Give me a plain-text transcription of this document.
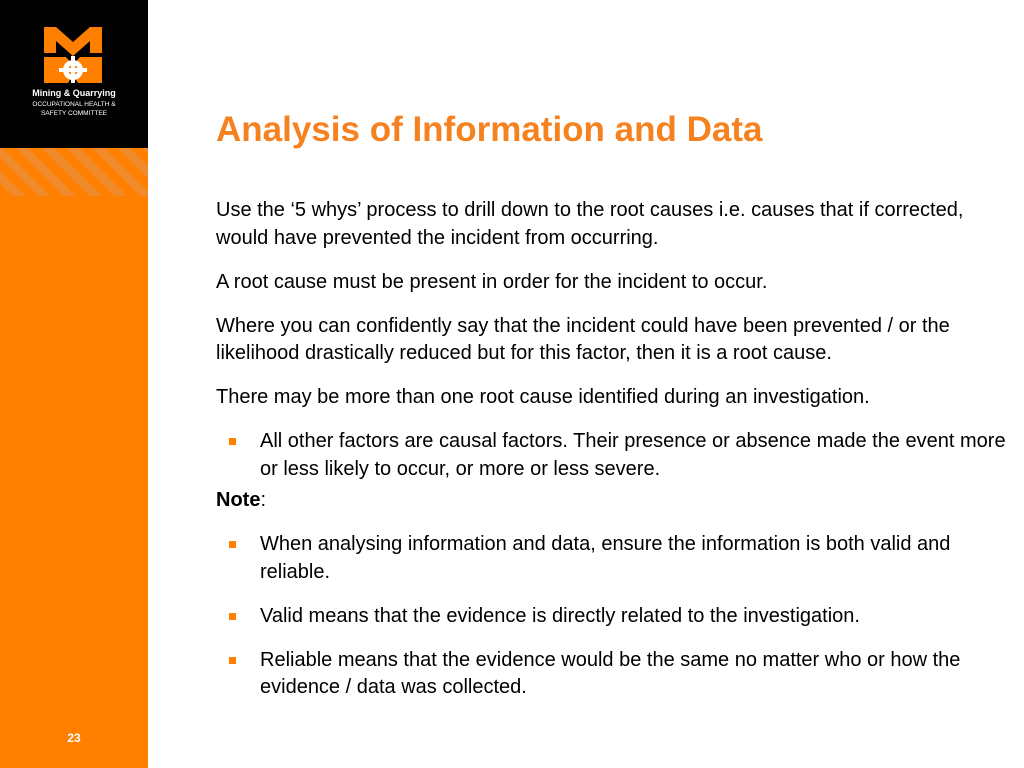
Mining & Quarrying
OCCUPATIONAL HEALTH &
SAFETY COMMITTEE
23
Analysis of Information and Data

Use the ‘5 whys’ process to drill down to the root causes i.e. causes that if corrected, would have prevented the incident from occurring.

A root cause must be present in order for the incident to occur.

Where you can confidently say that the incident could have been prevented / or the likelihood drastically reduced but for this factor, then it is a root cause.

There may be more than one root cause identified during an investigation.

All other factors are causal factors. Their presence or absence made the event more or less likely to occur, or more or less severe.

Note:

When analysing information and data, ensure the information is both valid and reliable.
Valid means that the evidence is directly related to the investigation.
Reliable means that the evidence would be the same no matter who or how the evidence / data was collected.
